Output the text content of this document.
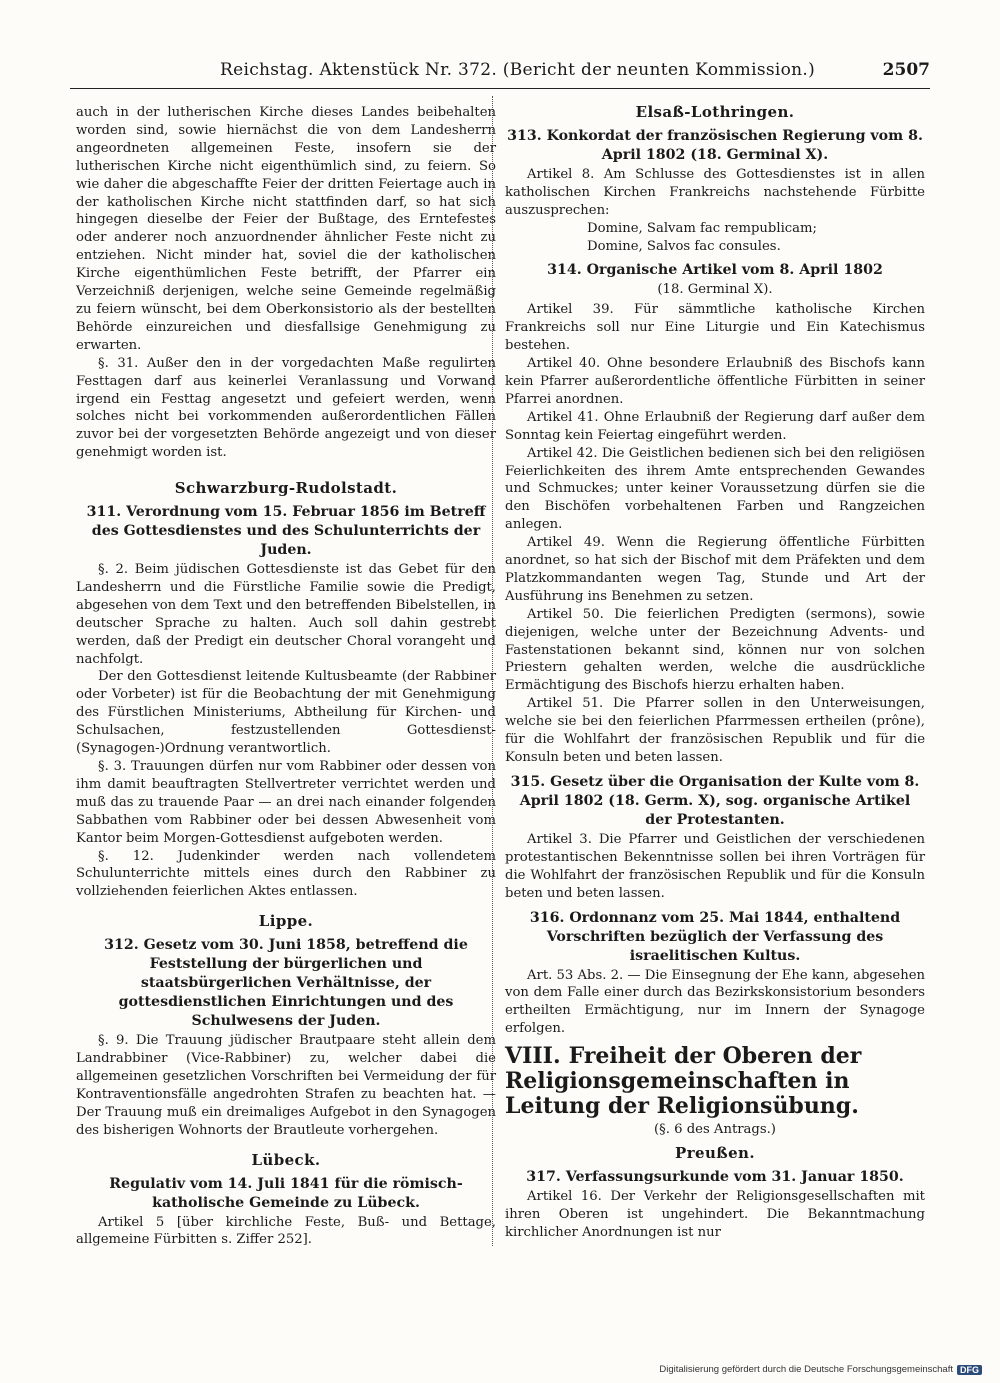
Reichstag. Aktenstück Nr. 372. (Bericht der neunten Kommission.)	2507

auch in der lutherischen Kirche dieses Landes beibehalten worden sind, sowie hiernächst die von dem Landesherrn angeordneten allgemeinen Feste, insofern sie der lutherischen Kirche nicht eigenthümlich sind, zu feiern. So wie daher die abgeschaffte Feier der dritten Feiertage auch in der katholischen Kirche nicht stattfinden darf, so hat sich hingegen dieselbe der Feier der Bußtage, des Erntefestes oder anderer noch anzuordnender ähnlicher Feste nicht zu entziehen. Nicht minder hat, soviel die der katholischen Kirche eigenthümlichen Feste betrifft, der Pfarrer ein Verzeichniß derjenigen, welche seine Gemeinde regelmäßig zu feiern wünscht, bei dem Oberkonsistorio als der bestellten Behörde einzureichen und diesfallsige Genehmigung zu erwarten.

§. 31. Außer den in der vorgedachten Maße regulirten Festtagen darf aus keinerlei Veranlassung und Vorwand irgend ein Festtag angesetzt und gefeiert werden, wenn solches nicht bei vorkommenden außerordentlichen Fällen zuvor bei der vorgesetzten Behörde angezeigt und von dieser genehmigt worden ist.

Schwarzburg-Rudolstadt.
311. Verordnung vom 15. Februar 1856 im Betreff des Gottesdienstes und des Schulunterrichts der Juden.

§. 2. Beim jüdischen Gottesdienste ist das Gebet für den Landesherrn und die Fürstliche Familie sowie die Predigt, abgesehen von dem Text und den betreffenden Bibelstellen, in deutscher Sprache zu halten. Auch soll dahin gestrebt werden, daß der Predigt ein deutscher Choral vorangeht und nachfolgt.

Der den Gottesdienst leitende Kultusbeamte (der Rabbiner oder Vorbeter) ist für die Beobachtung der mit Genehmigung des Fürstlichen Ministeriums, Abtheilung für Kirchen- und Schulsachen, festzustellenden Gottesdienst-(Synagogen-)Ordnung verantwortlich.

§. 3. Trauungen dürfen nur vom Rabbiner oder dessen von ihm damit beauftragten Stellvertreter verrichtet werden und muß das zu trauende Paar — an drei nach einander folgenden Sabbathen vom Rabbiner oder bei dessen Abwesenheit vom Kantor beim Morgen-Gottesdienst aufgeboten werden.

§. 12. Judenkinder werden nach vollendetem Schulunterrichte mittels eines durch den Rabbiner zu vollziehenden feierlichen Aktes entlassen.

Lippe.
312. Gesetz vom 30. Juni 1858, betreffend die Feststellung der bürgerlichen und staatsbürgerlichen Verhältnisse, der gottesdienstlichen Einrichtungen und des Schulwesens der Juden.

§. 9. Die Trauung jüdischer Brautpaare steht allein dem Landrabbiner (Vice-Rabbiner) zu, welcher dabei die allgemeinen gesetzlichen Vorschriften bei Vermeidung der für Kontraventionsfälle angedrohten Strafen zu beachten hat. — Der Trauung muß ein dreimaliges Aufgebot in den Synagogen des bisherigen Wohnorts der Brautleute vorhergehen.

Lübeck.
Regulativ vom 14. Juli 1841 für die römisch-katholische Gemeinde zu Lübeck.

Artikel 5 [über kirchliche Feste, Buß- und Bettage, allgemeine Fürbitten s. Ziffer 252].

Elsaß-Lothringen.
313. Konkordat der französischen Regierung vom 8. April 1802 (18. Germinal X).

Artikel 8. Am Schlusse des Gottesdienstes ist in allen katholischen Kirchen Frankreichs nachstehende Fürbitte auszusprechen:

Domine, Salvam fac rempublicam;

Domine, Salvos fac consules.

314. Organische Artikel vom 8. April 1802
(18. Germinal X).

Artikel 39. Für sämmtliche katholische Kirchen Frankreichs soll nur Eine Liturgie und Ein Katechismus bestehen.

Artikel 40. Ohne besondere Erlaubniß des Bischofs kann kein Pfarrer außerordentliche öffentliche Fürbitten in seiner Pfarrei anordnen.

Artikel 41. Ohne Erlaubniß der Regierung darf außer dem Sonntag kein Feiertag eingeführt werden.

Artikel 42. Die Geistlichen bedienen sich bei den religiösen Feierlichkeiten des ihrem Amte entsprechenden Gewandes und Schmuckes; unter keiner Voraussetzung dürfen sie die den Bischöfen vorbehaltenen Farben und Rangzeichen anlegen.

Artikel 49. Wenn die Regierung öffentliche Fürbitten anordnet, so hat sich der Bischof mit dem Präfekten und dem Platzkommandanten wegen Tag, Stunde und Art der Ausführung ins Benehmen zu setzen.

Artikel 50. Die feierlichen Predigten (sermons), sowie diejenigen, welche unter der Bezeichnung Advents- und Fastenstationen bekannt sind, können nur von solchen Priestern gehalten werden, welche die ausdrückliche Ermächtigung des Bischofs hierzu erhalten haben.

Artikel 51. Die Pfarrer sollen in den Unterweisungen, welche sie bei den feierlichen Pfarrmessen ertheilen (prône), für die Wohlfahrt der französischen Republik und für die Konsuln beten und beten lassen.

315. Gesetz über die Organisation der Kulte vom 8. April 1802 (18. Germ. X), sog. organische Artikel der Protestanten.

Artikel 3. Die Pfarrer und Geistlichen der verschiedenen protestantischen Bekenntnisse sollen bei ihren Vorträgen für die Wohlfahrt der französischen Republik und für die Konsuln beten und beten lassen.

316. Ordonnanz vom 25. Mai 1844, enthaltend Vorschriften bezüglich der Verfassung des israelitischen Kultus.

Art. 53 Abs. 2. — Die Einsegnung der Ehe kann, abgesehen von dem Falle einer durch das Bezirkskonsistorium besonders ertheilten Ermächtigung, nur im Innern der Synagoge erfolgen.

VIII. Freiheit der Oberen der Religionsgemeinschaften in Leitung der Religionsübung.
(§. 6 des Antrags.)
Preußen.
317. Verfassungsurkunde vom 31. Januar 1850.

Artikel 16. Der Verkehr der Religionsgesellschaften mit ihren Oberen ist ungehindert. Die Bekanntmachung kirchlicher Anordnungen ist nur

Digitalisierung gefördert durch die Deutsche Forschungsgemeinschaft DFG
